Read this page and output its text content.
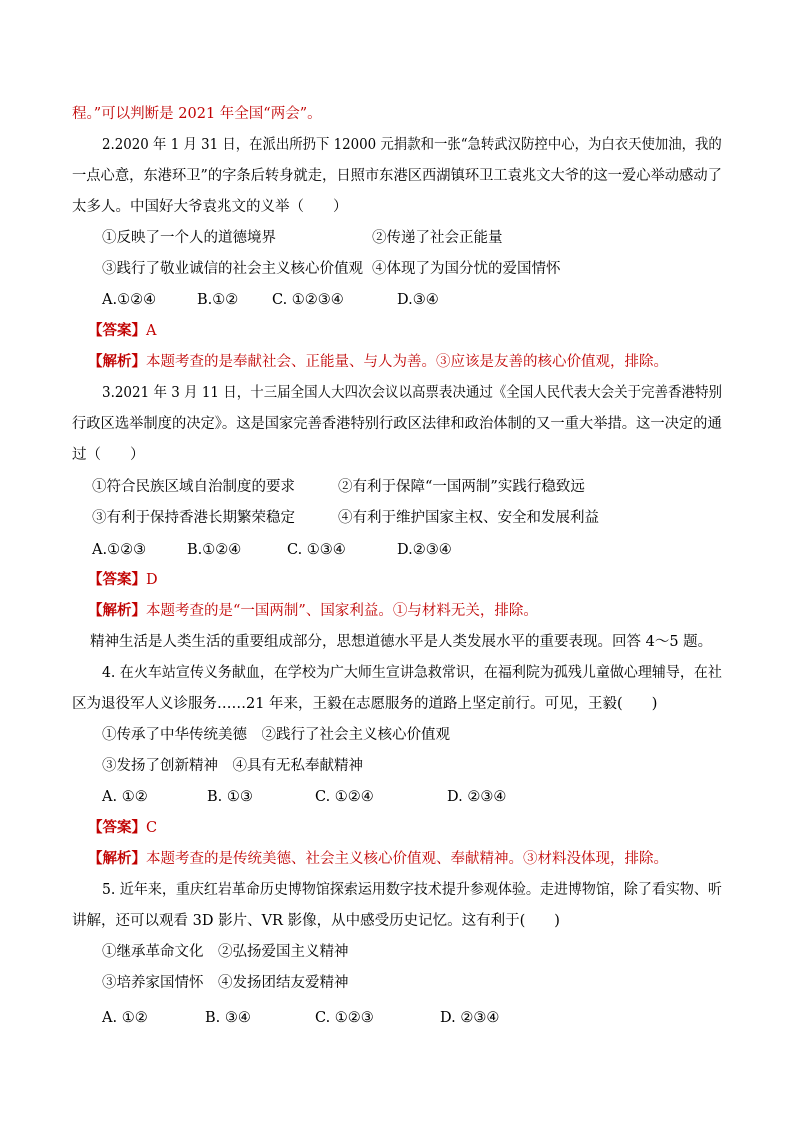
程。”可以判断是 2021 年全国“两会”。
2.2020 年 1 月 31 日，在派出所扔下 12000 元捐款和一张“急转武汉防控中心，为白衣天使加油，我的
一点心意，东港环卫”的字条后转身就走，日照市东港区西湖镇环卫工袁兆文大爷的这一爱心举动感动了
太多人。中国好大爷袁兆文的义举（　　）
①反映了一个人的道德境界	②传递了社会正能量
③践行了敬业诚信的社会主义核心价值观 ④体现了为国分忧的爱国情怀
A.①②④	B.①② C. ①②③④	D.③④
【答案】A
【解析】本题考查的是奉献社会、正能量、与人为善。③应该是友善的核心价值观，排除。
3.2021 年 3 月 11 日，十三届全国人大四次会议以高票表决通过《全国人民代表大会关于完善香港特别
行政区选举制度的决定》。这是国家完善香港特别行政区法律和政治体制的又一重大举措。这一决定的通
过（　　）
①符合民族区域自治制度的要求	②有利于保障“一国两制”实践行稳致远
③有利于保持香港长期繁荣稳定	④有利于维护国家主权、安全和发展利益
A.①②③	B.①②④	C. ①③④	D.②③④
【答案】D
【解析】本题考查的是“一国两制”、国家利益。①与材料无关，排除。
精神生活是人类生活的重要组成部分，思想道德水平是人类发展水平的重要表现。回答 4～5 题。
4. 在火车站宣传义务献血，在学校为广大师生宣讲急救常识，在福利院为孤残儿童做心理辅导，在社
区为退役军人义诊服务……21 年来，王毅在志愿服务的道路上坚定前行。可见，王毅(　　)
①传承了中华传统美德　②践行了社会主义核心价值观
③发扬了创新精神　④具有无私奉献精神
A. ①②	B. ①③	C. ①②④	D. ②③④
【答案】C
【解析】本题考查的是传统美德、社会主义核心价值观、奉献精神。③材料没体现，排除。
5. 近年来，重庆红岩革命历史博物馆探索运用数字技术提升参观体验。走进博物馆，除了看实物、听
讲解，还可以观看 3D 影片、VR 影像，从中感受历史记忆。这有利于(　　)
①继承革命文化　②弘扬爱国主义精神
③培养家国情怀　④发扬团结友爱精神
A. ①②	B. ③④	C. ①②③	D. ②③④
